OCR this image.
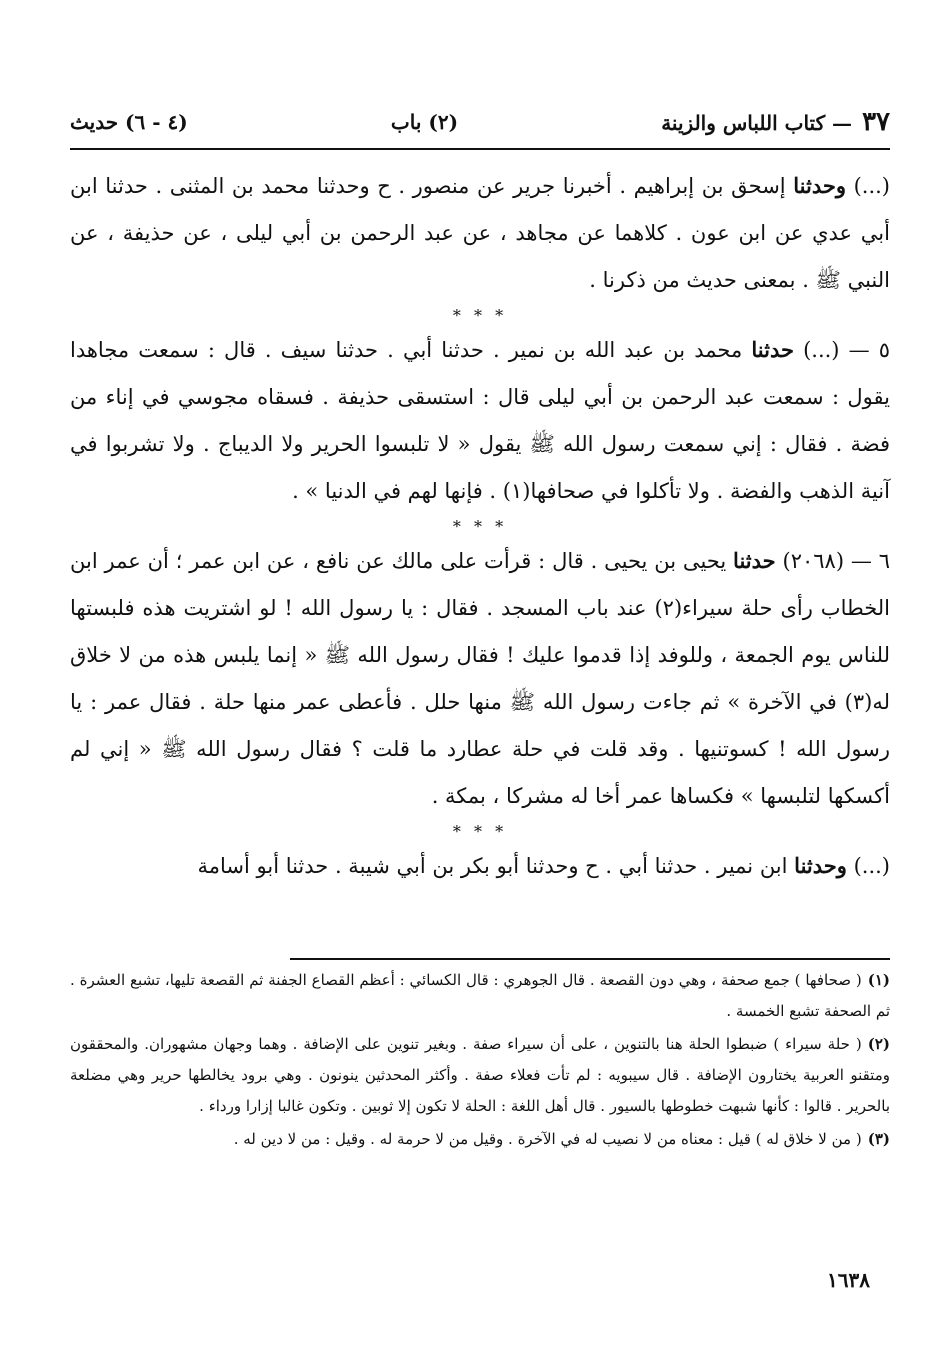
٣٧
— كتاب اللباس والزينة
(٢) باب
(٤ - ٦) حديث

(...) وحدثنا إسحق بن إبراهيم . أخبرنا جرير عن منصور . ح وحدثنا محمد بن المثنى . حدثنا ابن أبي عدي عن ابن عون . كلاهما عن مجاهد ، عن عبد الرحمن بن أبي ليلى ، عن حذيفة ، عن النبي ﷺ . بمعنى حديث من ذكرنا .

* * *

٥ — (...) حدثنا محمد بن عبد الله بن نمير . حدثنا أبي . حدثنا سيف . قال : سمعت مجاهدا يقول : سمعت عبد الرحمن بن أبي ليلى قال : استسقى حذيفة . فسقاه مجوسي في إناء من فضة . فقال : إني سمعت رسول الله ﷺ يقول « لا تلبسوا الحرير ولا الديباج . ولا تشربوا في آنية الذهب والفضة . ولا تأكلوا في صحافها(١) . فإنها لهم في الدنيا » .

* * *

٦ — (٢٠٦٨) حدثنا يحيى بن يحيى . قال : قرأت على مالك عن نافع ، عن ابن عمر ؛ أن عمر ابن الخطاب رأى حلة سيراء(٢) عند باب المسجد . فقال : يا رسول الله ! لو اشتريت هذه فلبستها للناس يوم الجمعة ، وللوفد إذا قدموا عليك ! فقال رسول الله ﷺ « إنما يلبس هذه من لا خلاق له(٣) في الآخرة » ثم جاءت رسول الله ﷺ منها حلل . فأعطى عمر منها حلة . فقال عمر : يا رسول الله ! كسوتنيها . وقد قلت في حلة عطارد ما قلت ؟ فقال رسول الله ﷺ « إني لم أكسكها لتلبسها » فكساها عمر أخا له مشركا ، بمكة .

* * *

(...) وحدثنا ابن نمير . حدثنا أبي . ح وحدثنا أبو بكر بن أبي شيبة . حدثنا أبو أسامة

(١)( صحافها ) جمع صحفة ، وهي دون القصعة . قال الجوهري : قال الكسائي : أعظم القصاع الجفنة ثم القصعة تليها، تشبع العشرة . ثم الصحفة تشبع الخمسة .

(٢)( حلة سيراء ) ضبطوا الحلة هنا بالتنوين ، على أن سيراء صفة . وبغير تنوين على الإضافة . وهما وجهان مشهوران. والمحققون ومتقنو العربية يختارون الإضافة . قال سيبويه : لم تأت فعلاء صفة . وأكثر المحدثين ينونون . وهي برود يخالطها حرير وهي مضلعة بالحرير . قالوا : كأنها شبهت خطوطها بالسيور . قال أهل اللغة : الحلة لا تكون إلا ثوبين . وتكون غالبا إزارا ورداء .

(٣)( من لا خلاق له ) قيل : معناه من لا نصيب له في الآخرة . وقيل من لا حرمة له . وقيل : من لا دين له .

١٦٣٨
